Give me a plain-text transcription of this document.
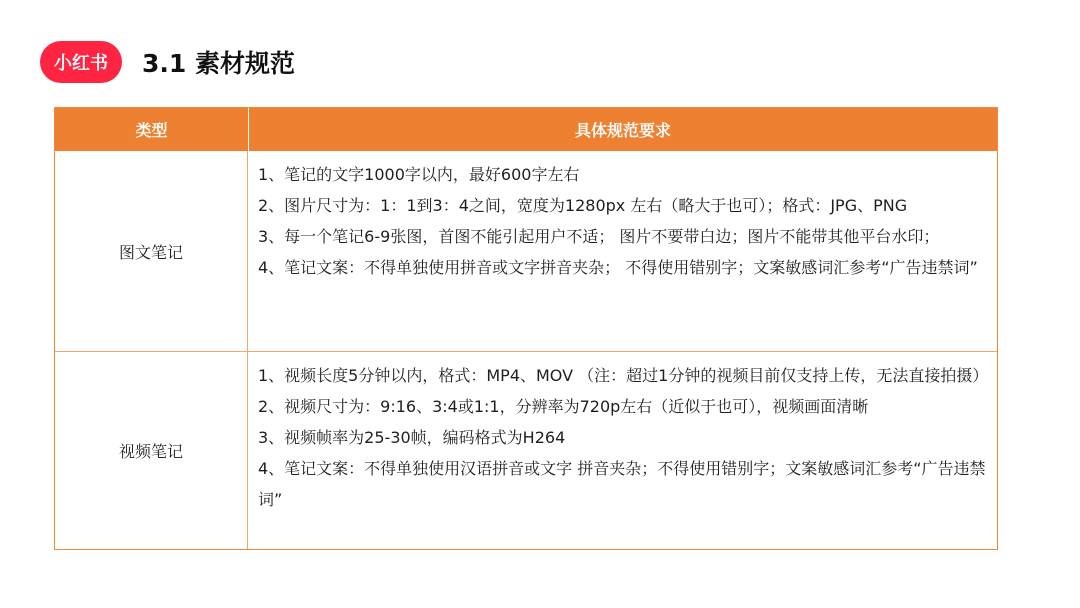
小红书	3.1 素材规范
类型	具体规范要求
图文笔记
1、笔记的文字1000字以内，最好600字左右
2、图片尺寸为：1：1到3：4之间，宽度为1280px 左右（略大于也可）；格式：JPG、PNG
3、每一个笔记6-9张图，首图不能引起用户不适； 图片不要带白边；图片不能带其他平台水印；
4、笔记文案：不得单独使用拼音或文字拼音夹杂； 不得使用错别字；文案敏感词汇参考“广告违禁词”
视频笔记
1、视频长度5分钟以内，格式：MP4、MOV （注：超过1分钟的视频目前仅支持上传，无法直接拍摄）
2、视频尺寸为：9:16、3:4或1:1，分辨率为720p左右（近似于也可），视频画面清晰
3、视频帧率为25-30帧，编码格式为H264
4、笔记文案：不得单独使用汉语拼音或文字 拼音夹杂；不得使用错别字；文案敏感词汇参考“广告违禁词”
